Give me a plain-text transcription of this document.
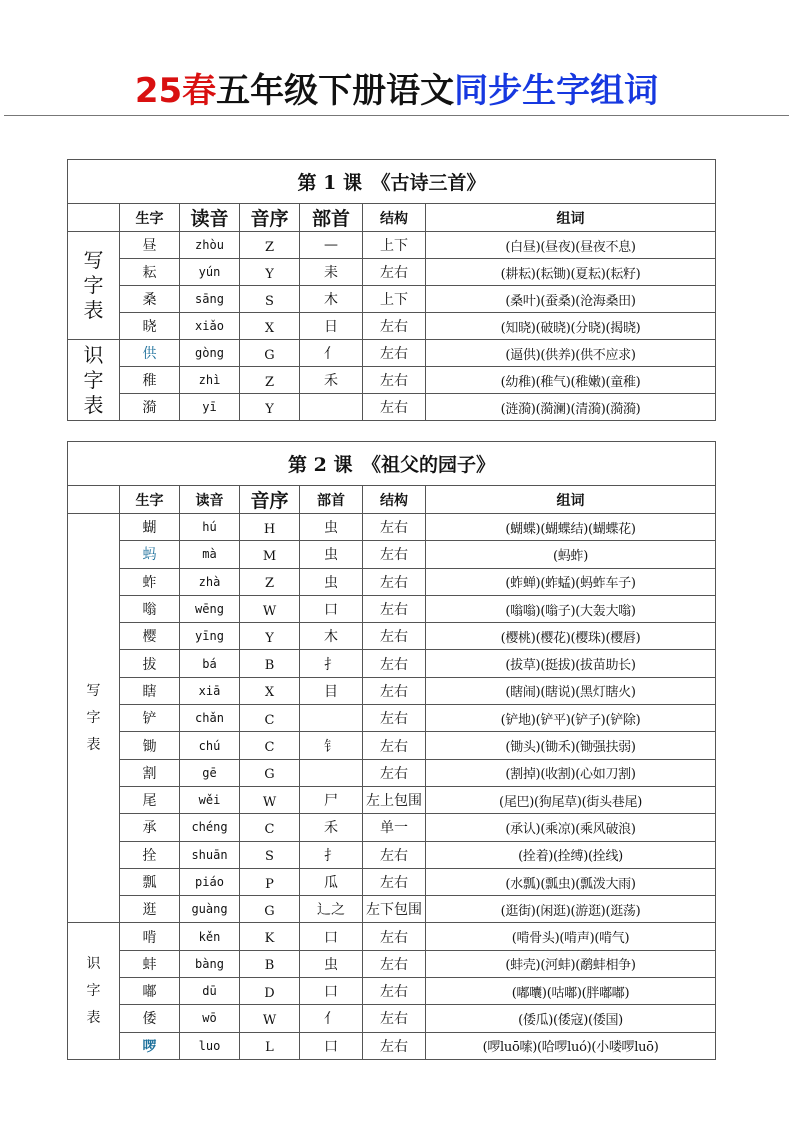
25春五年级下册语文同步生字组词
第 1 课　《古诗三首》						
	生字	读音	音序	部首	结构	组词
写
字
表	昼	zhòu	Z	—	上下	(白昼)(昼夜)(昼夜不息)
	耘	yún	Y	耒	左右	(耕耘)(耘锄)(夏耘)(耘籽)
	桑	sāng	S	木	上下	(桑叶)(蚕桑)(沧海桑田)
	晓	xiǎo	X	日	左右	(知晓)(破晓)(分晓)(揭晓)
识
字
表	供	gòng	G	亻	左右	(逼供)(供养)(供不应求)
	稚	zhì	Z	禾	左右	(幼稚)(稚气)(稚嫩)(童稚)
	漪	yī	Y		左右	(涟漪)(漪澜)(清漪)(漪漪)
第 2 课　《祖父的园子》						
	生字	读音	音序	部首	结构	组词
写
字
表	蝴	hú	H	虫	左右	(蝴蝶)(蝴蝶结)(蝴蝶花)
	蚂	mà	M	虫	左右	(蚂蚱)
	蚱	zhà	Z	虫	左右	(蚱蝉)(蚱蜢)(蚂蚱车子)
	嗡	wēng	W	口	左右	(嗡嗡)(嗡子)(大轰大嗡)
	樱	yīng	Y	木	左右	(樱桃)(樱花)(樱珠)(樱唇)
	拔	bá	B	扌	左右	(拔草)(挺拔)(拔苗助长)
	瞎	xiā	X	目	左右	(瞎闹)(瞎说)(黑灯瞎火)
	铲	chǎn	C		左右	(铲地)(铲平)(铲子)(铲除)
	锄	chú	C	钅	左右	(锄头)(锄禾)(锄强扶弱)
	割	gē	G		左右	(割掉)(收割)(心如刀割)
	尾	wěi	W	尸	左上包围	(尾巴)(狗尾草)(街头巷尾)
	承	chéng	C	禾	单一	(承认)(乘凉)(乘风破浪)
	拴	shuān	S	扌	左右	(拴着)(拴缚)(拴线)
	瓢	piáo	P	瓜	左右	(水瓢)(瓢虫)(瓢泼大雨)
	逛	guàng	G	辶之	左下包围	(逛街)(闲逛)(游逛)(逛荡)
识
字
表	啃	kěn	K	口	左右	(啃骨头)(啃声)(啃气)
	蚌	bàng	B	虫	左右	(蚌壳)(河蚌)(鹬蚌相争)
	嘟	dū	D	口	左右	(嘟囔)(咕嘟)(胖嘟嘟)
	倭	wō	W	亻	左右	(倭瓜)(倭寇)(倭国)
	啰	luo	L	口	左右	(啰luō嗦)(哈啰luó)(小喽啰luō)
